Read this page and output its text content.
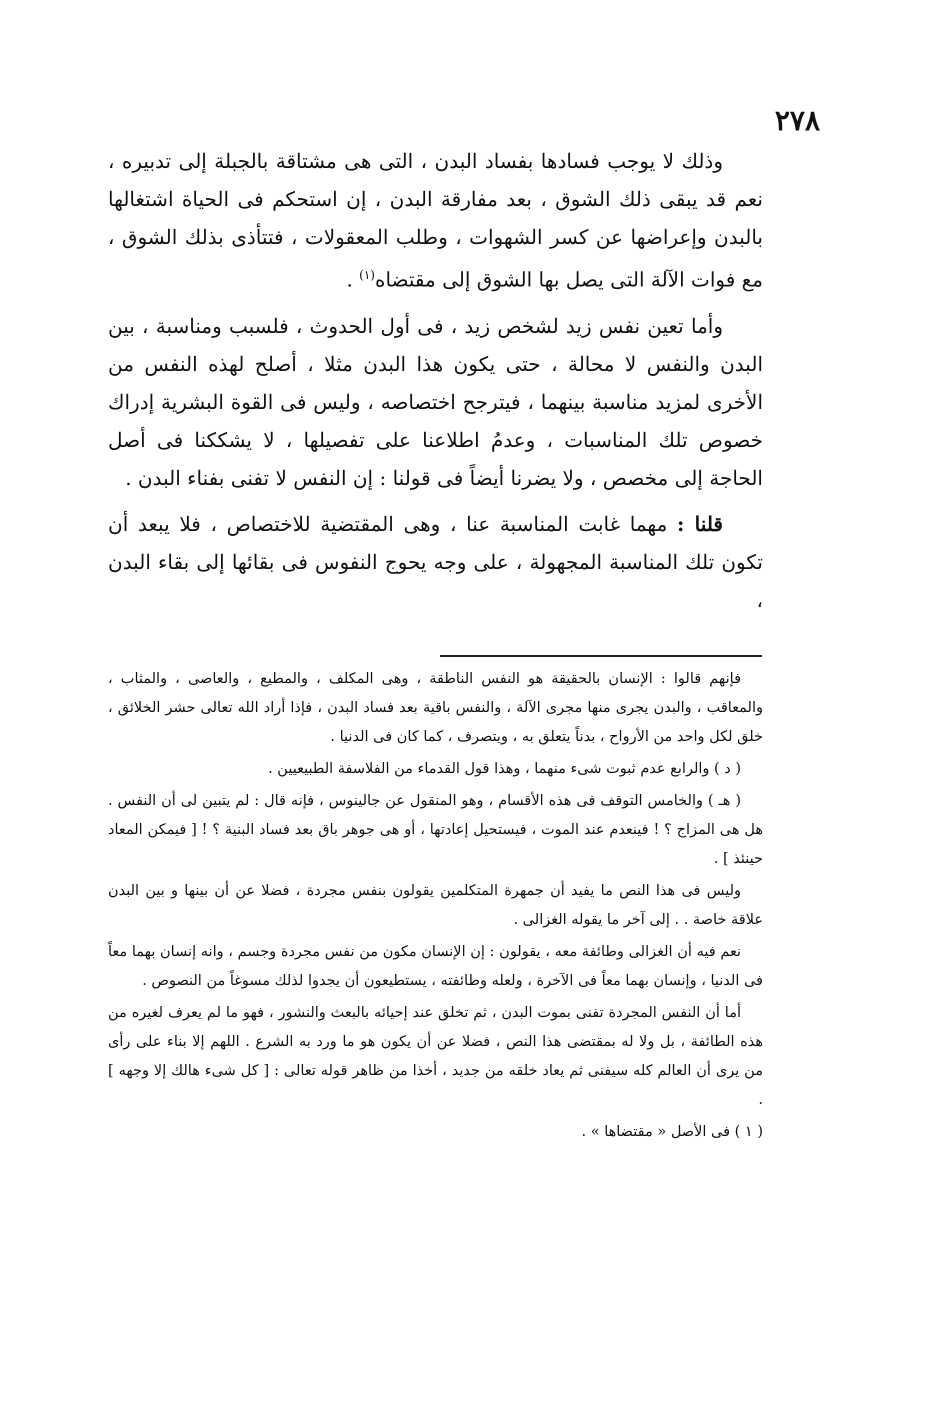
٢٧٨

وذلك لا يوجب فسادها بفساد البدن ، التى هى مشتاقة بالجبلة إلى تدبيره ، نعم قد يبقى ذلك الشوق ، بعد مفارقة البدن ، إن استحكم فى الحياة اشتغالها بالبدن وإعراضها عن كسر الشهوات ، وطلب المعقولات ، فتتأذى بذلك الشوق ، مع فوات الآلة التى يصل بها الشوق إلى مقتضاه$^{(١)}$ .

وأما تعين نفس زيد لشخص زيد ، فى أول الحدوث ، فلسبب ومناسبة ، بين البدن والنفس لا محالة ، حتى يكون هذا البدن مثلا ، أصلح لهذه النفس من الأخرى لمزيد مناسبة بينهما ، فيترجح اختصاصه ، وليس فى القوة البشرية إدراك خصوص تلك المناسبات ، وعدمُ اطلاعنا على تفصيلها ، لا يشككنا فى أصل الحاجة إلى مخصص ، ولا يضرنا أيضاً فى قولنا : إن النفس لا تفنى بفناء البدن .

قلنا : مهما غابت المناسبة عنا ، وهى المقتضية للاختصاص ، فلا يبعد أن تكون تلك المناسبة المجهولة ، على وجه يحوج النفوس فى بقائها إلى بقاء البدن ،

فإنهم قالوا : الإنسان بالحقيقة هو النفس الناطقة ، وهى المكلف ، والمطيع ، والعاصى ، والمثاب ، والمعاقب ، والبدن يجرى منها مجرى الآلة ، والنفس باقية بعد فساد البدن ، فإذا أراد الله تعالى حشر الخلائق ، خلق لكل واحد من الأرواح ، بدناً يتعلق به ، ويتصرف ، كما كان فى الدنيا .

( د ) والرابع عدم ثبوت شىء منهما ، وهذا قول القدماء من الفلاسفة الطبيعيين .

( هـ ) والخامس التوقف فى هذه الأقسام ، وهو المنقول عن جالينوس ، فإنه قال : لم يتبين لى أن النفس . هل هى المزاج ؟ ! فينعدم عند الموت ، فيستحيل إعادتها ، أو هى جوهر باق بعد فساد البنية ؟ ! [ فيمكن المعاد حينئذ ] .

وليس فى هذا النص ما يفيد أن جمهرة المتكلمين يقولون بنفس مجردة ، فضلا عن أن بينها و بين البدن علاقة خاصة . . إلى آخر ما يقوله الغزالى .

نعم فيه أن الغزالى وطائفة معه ، يقولون : إن الإنسان مكون من نفس مجردة وجسم ، وانه إنسان بهما معاً فى الدنيا ، وإنسان بهما معاً فى الآخرة ، ولعله وطائفته ، يستطيعون أن يجدوا لذلك مسوغاً من النصوص .

أما أن النفس المجردة تفنى بموت البدن ، ثم تخلق عند إحيائه بالبعث والنشور ، فهو ما لم يعرف لغيره من هذه الطائفة ، بل ولا له بمقتضى هذا النص ، فضلا عن أن يكون هو ما ورد به الشرع . اللهم إلا بناء على رأى من يرى أن العالم كله سيفنى ثم يعاد خلقه من جديد ، أخذا من ظاهر قوله تعالى : [ كل شىء هالك إلا وجهه ] .

( ١ ) فى الأصل « مقتضاها » .
